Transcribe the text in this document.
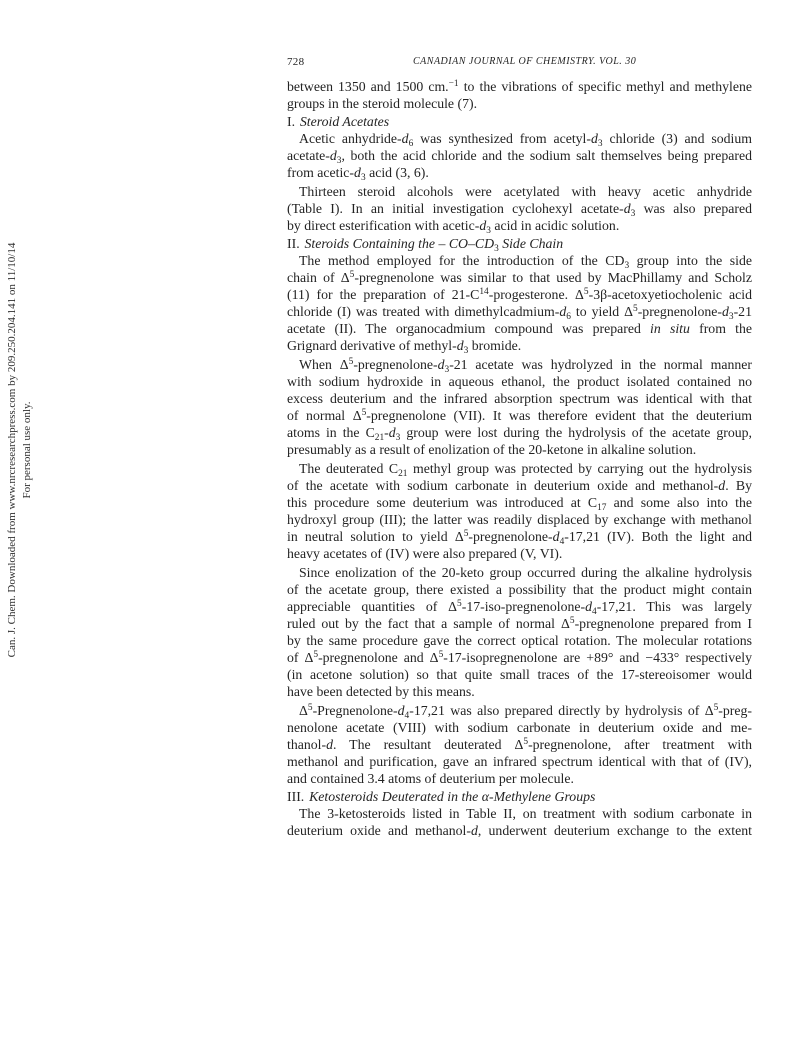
728	CANADIAN JOURNAL OF CHEMISTRY. VOL. 30
Can. J. Chem. Downloaded from www.nrcresearchpress.com by 209.250.204.141 on 11/10/14 For personal use only.
between 1350 and 1500 cm.$^{-1}$ to the vibrations of specific methyl and methylene
groups in the steroid molecule (7).
I. Steroid Acetates
Acetic anhydride-$d_6$ was synthesized from acetyl-$d_3$ chloride (3) and sodium
acetate-$d_3$, both the acid chloride and the sodium salt themselves being prepared
from acetic-$d_3$ acid (3, 6).
Thirteen steroid alcohols were acetylated with heavy acetic anhydride
(Table I). In an initial investigation cyclohexyl acetate-$d_3$ was also prepared
by direct esterification with acetic-$d_3$ acid in acidic solution.
II. Steroids Containing the – $CO-CD_3$ Side Chain
The method employed for the introduction of the $CD_3$ group into the side
chain of $\Delta^5$-pregnenolone was similar to that used by MacPhillamy and Scholz
(11) for the preparation of $21-C^{14}$-progesterone. $\Delta^5-3\beta$-acetoxyetiocholenic acid
chloride (I) was treated with dimethylcadmium-$d_6$ to yield $\Delta^5-pregnenolone-d_3-21$
acetate (II). The organocadmium compound was prepared in situ from the
Grignard derivative of methyl-$d_3$ bromide.
When $\Delta^5-pregnenolone-d_3-21$ acetate was hydrolyzed in the normal manner
with sodium hydroxide in aqueous ethanol, the product isolated contained no
excess deuterium and the infrared absorption spectrum was identical with that
of normal $\Delta^5$-pregnenolone (VII). It was therefore evident that the deuterium
atoms in the $C_{21}-d_3$ group were lost during the hydrolysis of the acetate group,
presumably as a result of enolization of the 20-ketone in alkaline solution.
The deuterated $C_{21}$ methyl group was protected by carrying out the hydrolysis
of the acetate with sodium carbonate in deuterium oxide and methanol-d. By
this procedure some deuterium was introduced at $C_{17}$ and some also into the
hydroxyl group (III); the latter was readily displaced by exchange with methanol
in neutral solution to yield $\Delta^5-pregnenolone-d_4-17,21$ (IV). Both the light and
heavy acetates of (IV) were also prepared (V, VI).
Since enolization of the 20-keto group occurred during the alkaline hydrolysis
of the acetate group, there existed a possibility that the product might contain
appreciable quantities of $\Delta^5-17-iso-pregnenolone-d_4-17,21$. This was largely
ruled out by the fact that a sample of normal $\Delta^5$-pregnenolone prepared from I
by the same procedure gave the correct optical rotation. The molecular rotations
of $\Delta^5$-pregnenolone and $\Delta^5-17$-isopregnenolone are +89° and −433° respectively
(in acetone solution) so that quite small traces of the 17-stereoisomer would
have been detected by this means.
$\Delta^5-Pregnenolone-d_4-17,21$ was also prepared directly by hydrolysis of $\Delta^5-preg-$
nenolone acetate (VIII) with sodium carbonate in deuterium oxide and me-
thanol-d. The resultant deuterated $\Delta^5$-pregnenolone, after treatment with
methanol and purification, gave an infrared spectrum identical with that of (IV),
and contained 3.4 atoms of deuterium per molecule.
III. Ketosteroids Deuterated in the α-Methylene Groups
The 3-ketosteroids listed in Table II, on treatment with sodium carbonate in
deuterium oxide and methanol-d, underwent deuterium exchange to the extent
